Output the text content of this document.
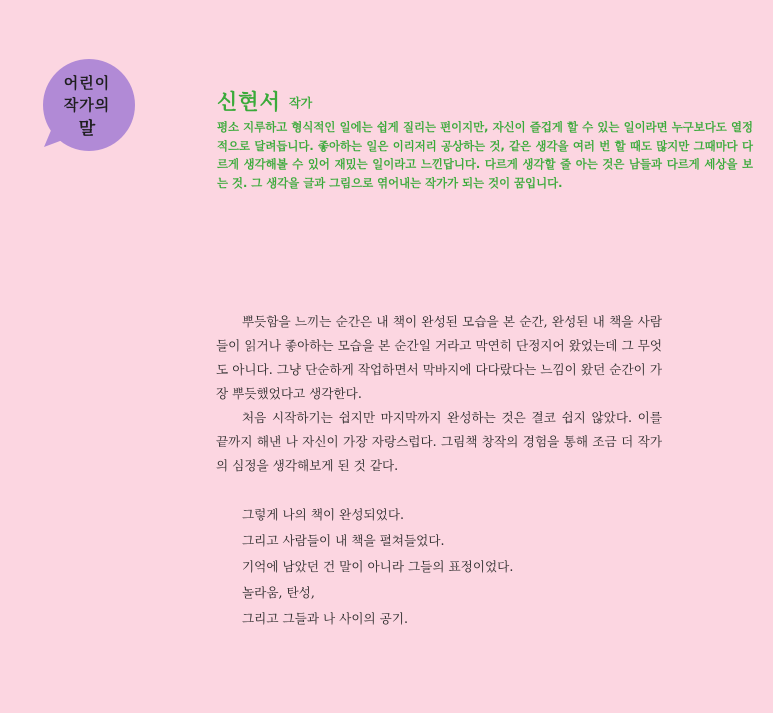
어린이
작가의
말
신현서 작가

평소 지루하고 형식적인 일에는 쉽게 질리는 편이지만, 자신이 즐겁게 할 수 있는 일이라면 누구보다도 열정적으로 달려듭니다. 좋아하는 일은 이리저리 공상하는 것, 같은 생각을 여러 번 할 때도 많지만 그때마다 다르게 생각해볼 수 있어 재밌는 일이라고 느낀답니다. 다르게 생각할 줄 아는 것은 남들과 다르게 세상을 보는 것. 그 생각을 글과 그림으로 엮어내는 작가가 되는 것이 꿈입니다.

뿌듯함을 느끼는 순간은 내 책이 완성된 모습을 본 순간, 완성된 내 책을 사람들이 읽거나 좋아하는 모습을 본 순간일 거라고 막연히 단정지어 왔었는데 그 무엇도 아니다. 그냥 단순하게 작업하면서 막바지에 다다랐다는 느낌이 왔던 순간이 가장 뿌듯했었다고 생각한다.

처음 시작하기는 쉽지만 마지막까지 완성하는 것은 결코 쉽지 않았다. 이를 끝까지 해낸 나 자신이 가장 자랑스럽다. 그림책 창작의 경험을 통해 조금 더 작가의 심정을 생각해보게 된 것 같다.

그렇게 나의 책이 완성되었다.
그리고 사람들이 내 책을 펼쳐들었다.
기억에 남았던 건 말이 아니라 그들의 표정이었다.
놀라움, 탄성,
그리고 그들과 나 사이의 공기.
